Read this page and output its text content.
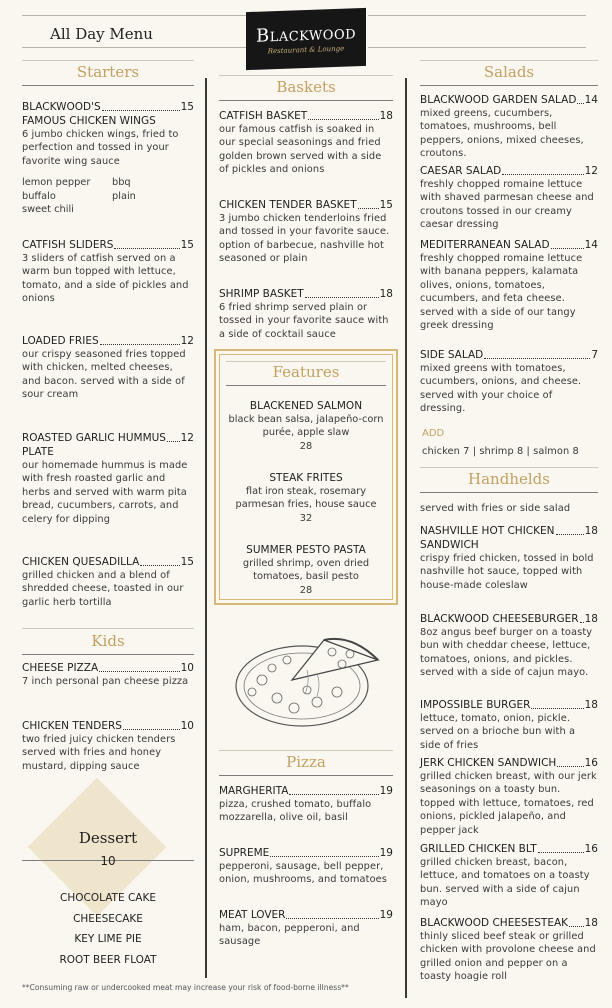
All Day Menu	BLACKWOOD
Restaurant & Lounge
Starters
BLACKWOOD'S	15
FAMOUS CHICKEN WINGS
6 jumbo chicken wings, fried to perfection and tossed in your favorite wing sauce
lemon pepper	bbq
buffalo	plain
sweet chili
CATFISH SLIDERS	15
3 sliders of catfish served on a warm bun topped with lettuce, tomato, and a side of pickles and onions
LOADED FRIES	12
our crispy seasoned fries topped with chicken, melted cheeses, and bacon. served with a side of sour cream
ROASTED GARLIC HUMMUS 12
PLATE
our homemade hummus is made with fresh roasted garlic and herbs and served with warm pita bread, cucumbers, carrots, and celery for dipping
CHICKEN QUESADILLA	15
grilled chicken and a blend of shredded cheese, toasted in our garlic herb tortilla
Kids
CHEESE PIZZA	10
7 inch personal pan cheese pizza
CHICKEN TENDERS	10
two fried juicy chicken tenders served with fries and honey mustard, dipping sauce
Dessert
10
CHOCOLATE CAKE
CHEESECAKE
KEY LIME PIE
ROOT BEER FLOAT
Baskets
CATFISH BASKET	18
our famous catfish is soaked in our special seasonings and fried golden brown served with a side of pickles and onions
CHICKEN TENDER BASKET 15
3 jumbo chicken tenderloins fried and tossed in your favorite sauce. option of barbecue, nashville hot seasoned or plain
SHRIMP BASKET	18
6 fried shrimp served plain or tossed in your favorite sauce with a side of cocktail sauce
Features
BLACKENED SALMON
black bean salsa, jalapeño-corn purée, apple slaw
28
STEAK FRITES
flat iron steak, rosemary parmesan fries, house sauce
32
SUMMER PESTO PASTA
grilled shrimp, oven dried tomatoes, basil pesto
28
Pizza
MARGHERITA	19
pizza, crushed tomato, buffalo mozzarella, olive oil, basil
SUPREME	19
pepperoni, sausage, bell pepper, onion, mushrooms, and tomatoes
MEAT LOVER	19
ham, bacon, pepperoni, and sausage
Salads
BLACKWOOD GARDEN SALAD 14
mixed greens, cucumbers, tomatoes, mushrooms, bell peppers, onions, mixed cheeses, croutons.
CAESAR SALAD	12
freshly chopped romaine lettuce with shaved parmesan cheese and croutons tossed in our creamy caesar dressing
MEDITERRANEAN SALAD	14
freshly chopped romaine lettuce with banana peppers, kalamata olives, onions, tomatoes, cucumbers, and feta cheese. served with a side of our tangy greek dressing
SIDE SALAD	7
mixed greens with tomatoes, cucumbers, onions, and cheese. served with your choice of dressing.
ADD
chicken 7 | shrimp 8 | salmon 8
Handhelds
served with fries or side salad
NASHVILLE HOT CHICKEN	18
SANDWICH
crispy fried chicken, tossed in bold nashville hot sauce, topped with house-made coleslaw
BLACKWOOD CHEESEBURGER 18
8oz angus beef burger on a toasty bun with cheddar cheese, lettuce, tomatoes, onions, and pickles. served with a side of cajun mayo.
IMPOSSIBLE BURGER	18
lettuce, tomato, onion, pickle. served on a brioche bun with a side of fries
JERK CHICKEN SANDWICH	16
grilled chicken breast, with our jerk seasonings on a toasty bun. topped with lettuce, tomatoes, red onions, pickled jalapeño, and pepper jack
GRILLED CHICKEN BLT	16
grilled chicken breast, bacon, lettuce, and tomatoes on a toasty bun. served with a side of cajun mayo
BLACKWOOD CHEESESTEAK 18
thinly sliced beef steak or grilled chicken with provolone cheese and grilled onion and pepper on a toasty hoagie roll
**Consuming raw or undercooked meat may increase your risk of food-borne illness**
